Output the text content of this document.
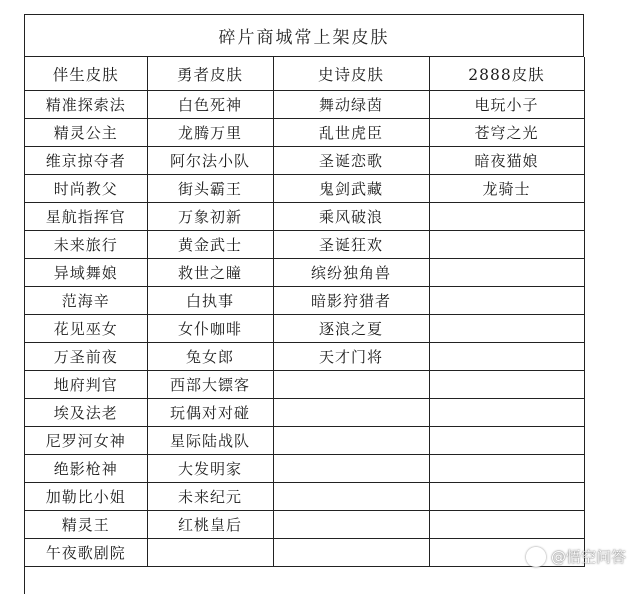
碎片商城常上架皮肤
伴生皮肤	勇者皮肤	史诗皮肤	2888皮肤
精准探索法	白色死神	舞动绿茵	电玩小子
精灵公主	龙腾万里	乱世虎臣	苍穹之光
维京掠夺者	阿尔法小队	圣诞恋歌	暗夜猫娘
时尚教父	街头霸王	鬼剑武藏	龙骑士
星航指挥官	万象初新	乘风破浪	
未来旅行	黄金武士	圣诞狂欢	
异域舞娘	救世之瞳	缤纷独角兽	
范海辛	白执事	暗影狩猎者	
花见巫女	女仆咖啡	逐浪之夏	
万圣前夜	兔女郎	天才门将	
地府判官	西部大镖客		
埃及法老	玩偶对对碰		
尼罗河女神	星际陆战队		
绝影枪神	大发明家		
加勒比小姐	未来纪元		
精灵王	红桃皇后		
午夜歌剧院			
@悟空问答
